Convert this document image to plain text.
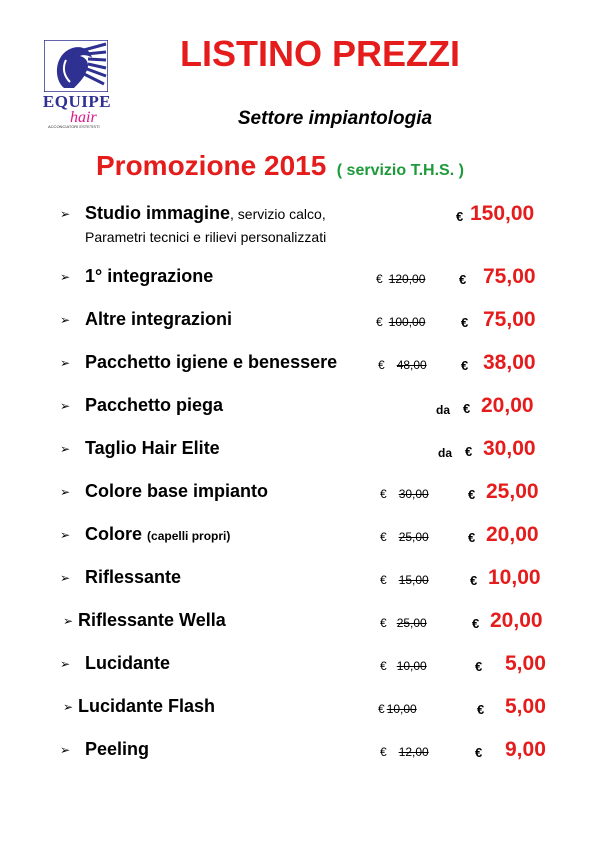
EQUIPE
hair
ACCONCIATORI ESTETISTI
LISTINO PREZZI
Settore impiantologia
Promozione 2015 ( servizio T.H.S. )
➢ Studio immagine, servizio calco,
Parametri tecnici e rilievi personalizzati
€ 150,00
➢ 1° integrazione	€ 120,00	€ 75,00
➢ Altre integrazioni	€ 100,00	€ 75,00
➢ Pacchetto igiene e benessere	€ 48,00	€ 38,00
➢ Pacchetto piega	da € 20,00
➢ Taglio Hair Elite	da € 30,00
➢ Colore base impianto	€ 30,00	€ 25,00
➢ Colore (capelli propri)	€ 25,00	€ 20,00
➢ Riflessante	€ 15,00	€ 10,00
➢ Riflessante Wella	€ 25,00	€ 20,00
➢ Lucidante	€ 10,00	€ 5,00
➢ Lucidante Flash	€ 10,00	€ 5,00
➢ Peeling	€ 12,00	€ 9,00
